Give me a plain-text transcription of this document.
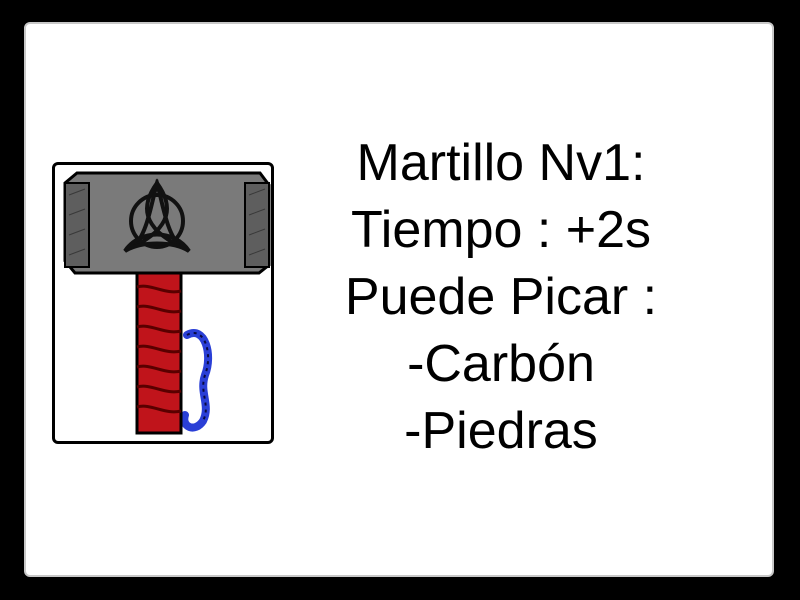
Martillo Nv1:
Tiempo : +2s
Puede Picar :
-Carbón
-Piedras
